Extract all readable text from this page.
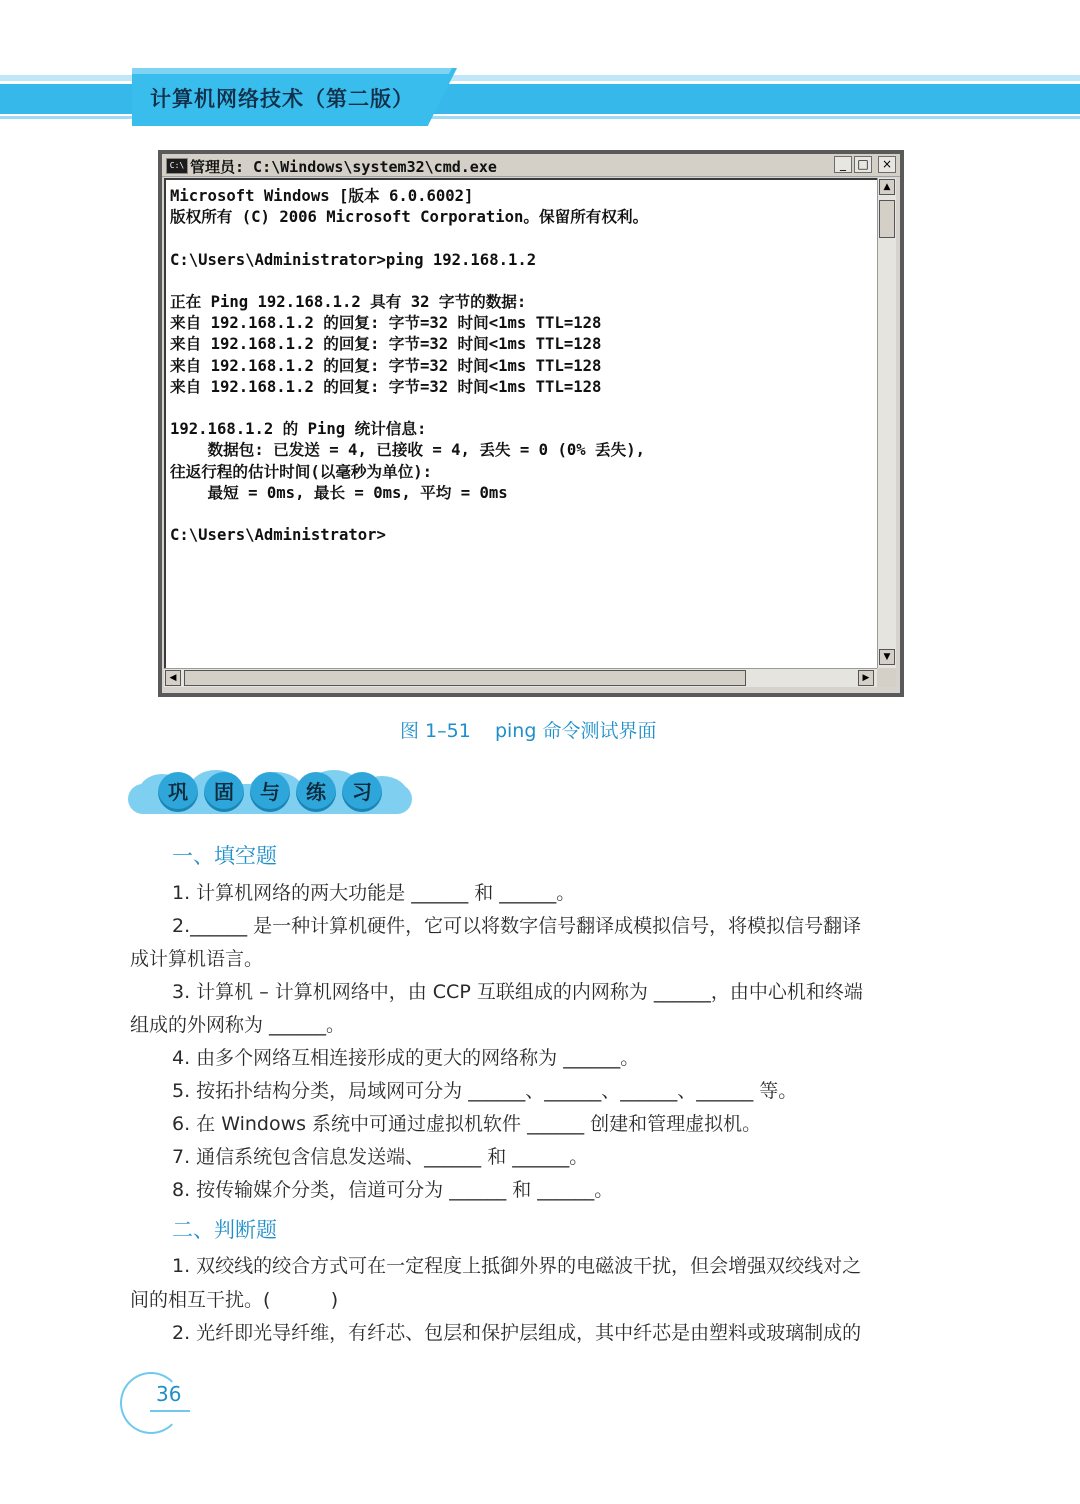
计算机网络技术（第二版）
C:\ 管理员: C:\Windows\system32\cmd.exe	_ □	×
Microsoft Windows [版本 6.0.6002]
版权所有 (C) 2006 Microsoft Corporation。保留所有权利。

C:\Users\Administrator>ping 192.168.1.2

正在 Ping 192.168.1.2 具有 32 字节的数据:
来自 192.168.1.2 的回复: 字节=32 时间<1ms TTL=128
来自 192.168.1.2 的回复: 字节=32 时间<1ms TTL=128
来自 192.168.1.2 的回复: 字节=32 时间<1ms TTL=128
来自 192.168.1.2 的回复: 字节=32 时间<1ms TTL=128

192.168.1.2 的 Ping 统计信息:
数据包: 已发送 = 4, 已接收 = 4, 丢失 = 0 (0% 丢失),
往返行程的估计时间(以毫秒为单位):
最短 = 0ms, 最长 = 0ms, 平均 = 0ms

C:\Users\Administrator>
▲
▼
◀	▶
图 1–51    ping 命令测试界面
巩	固	与	练	习
一、填空题
1. 计算机网络的两大功能是 ______ 和 ______。
2.______ 是一种计算机硬件，它可以将数字信号翻译成模拟信号，将模拟信号翻译
成计算机语言。
3. 计算机 – 计算机网络中，由 CCP 互联组成的内网称为 ______，由中心机和终端
组成的外网称为 ______。
4. 由多个网络互相连接形成的更大的网络称为 ______。
5. 按拓扑结构分类，局域网可分为 ______、______、______、______ 等。
6. 在 Windows 系统中可通过虚拟机软件 ______ 创建和管理虚拟机。
7. 通信系统包含信息发送端、______ 和 ______。
8. 按传输媒介分类，信道可分为 ______ 和 ______。
二、判断题
1. 双绞线的绞合方式可在一定程度上抵御外界的电磁波干扰，但会增强双绞线对之
间的相互干扰。(          )
2. 光纤即光导纤维，有纤芯、包层和保护层组成，其中纤芯是由塑料或玻璃制成的
36
